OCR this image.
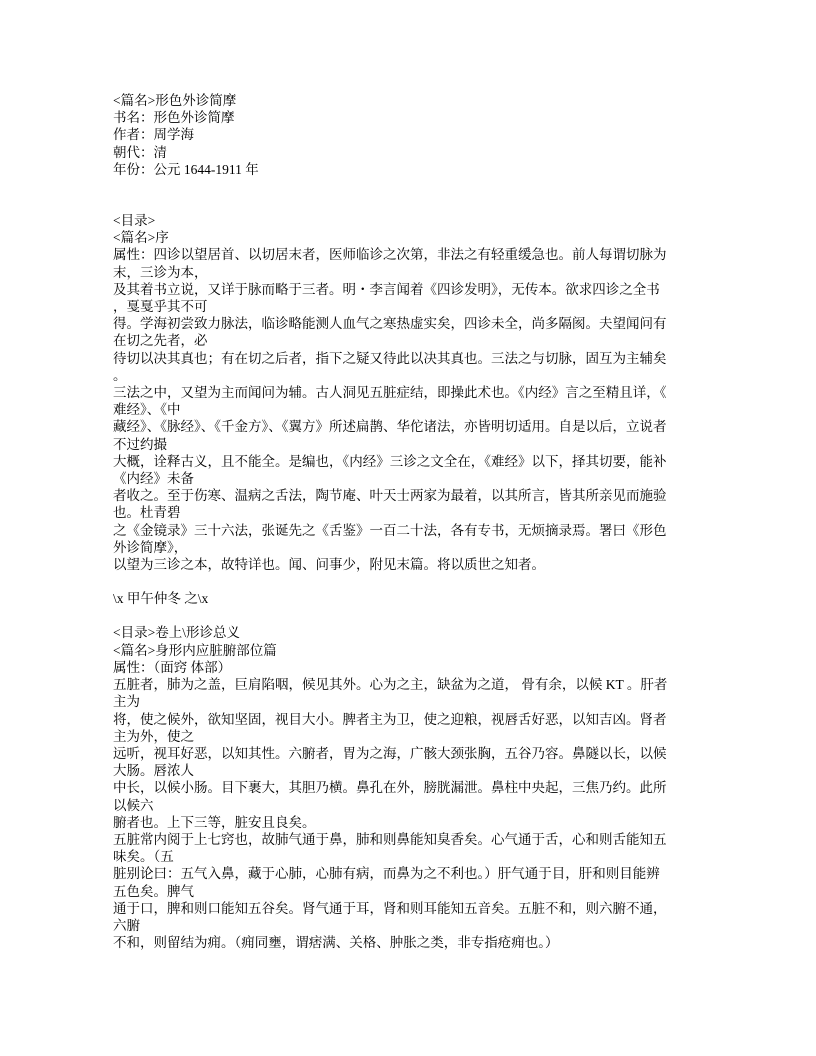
<篇名>形色外诊简摩
书名：形色外诊简摩
作者：周学海
朝代：清
年份：公元 1644-1911 年
<目录>
<篇名>序
属性：四诊以望居首、以切居末者，医师临诊之次第，非法之有轻重缓急也。前人每谓切脉为末，三诊为本，
及其着书立说，又详于脉而略于三者。明・李言闻着《四诊发明》，无传本。欲求四诊之全书，戛戛乎其不可
得。学海初尝致力脉法，临诊略能测人血气之寒热虚实矣，四诊未全，尚多隔阂。夫望闻问有在切之先者，必
待切以决其真也；有在切之后者，指下之疑又待此以决其真也。三法之与切脉，固互为主辅矣。
三法之中，又望为主而闻问为辅。古人洞见五脏症结，即操此术也。《内经》言之至精且详，《难经》、《中
藏经》、《脉经》、《千金方》、《翼方》所述扁鹊、华佗诸法，亦皆明切适用。自是以后，立说者不过约撮
大概，诠释古义，且不能全。是编也，《内经》三诊之文全在，《难经》以下，择其切要，能补《内经》未备
者收之。至于伤寒、温病之舌法，陶节庵、叶天士两家为最着，以其所言，皆其所亲见而施验也。杜青碧
之《金镜录》三十六法，张诞先之《舌鉴》一百二十法，各有专书，无烦摘录焉。署曰《形色外诊简摩》，
以望为三诊之本，故特详也。闻、问事少，附见末篇。将以质世之知者。
\x 甲午仲冬 之\x
<目录>卷上\形诊总义
<篇名>身形内应脏腑部位篇
属性：（面窍 体部）
五脏者，肺为之盖，巨肩陷咽，候见其外。心为之主，缺盆为之道， 骨有余，以候 KT 。肝者主为
将，使之候外，欲知坚固，视目大小。脾者主为卫，使之迎粮，视唇舌好恶，以知吉凶。肾者主为外，使之
远听，视耳好恶，以知其性。六腑者，胃为之海，广骸大颈张胸，五谷乃容。鼻隧以长，以候大肠。唇浓人
中长，以候小肠。目下裹大，其胆乃横。鼻孔在外，膀胱漏泄。鼻柱中央起，三焦乃约。此所以候六
腑者也。上下三等，脏安且良矣。
五脏常内阅于上七窍也，故肺气通于鼻，肺和则鼻能知臭香矣。心气通于舌，心和则舌能知五味矣。（五
脏别论曰：五气入鼻，藏于心肺，心肺有病，而鼻为之不利也。）肝气通于目，肝和则目能辨五色矣。脾气
通于口，脾和则口能知五谷矣。肾气通于耳，肾和则耳能知五音矣。五脏不和，则六腑不通，六腑
不和，则留结为痈。（痈同壅，谓痞满、关格、肿胀之类，非专指疮痈也。）
